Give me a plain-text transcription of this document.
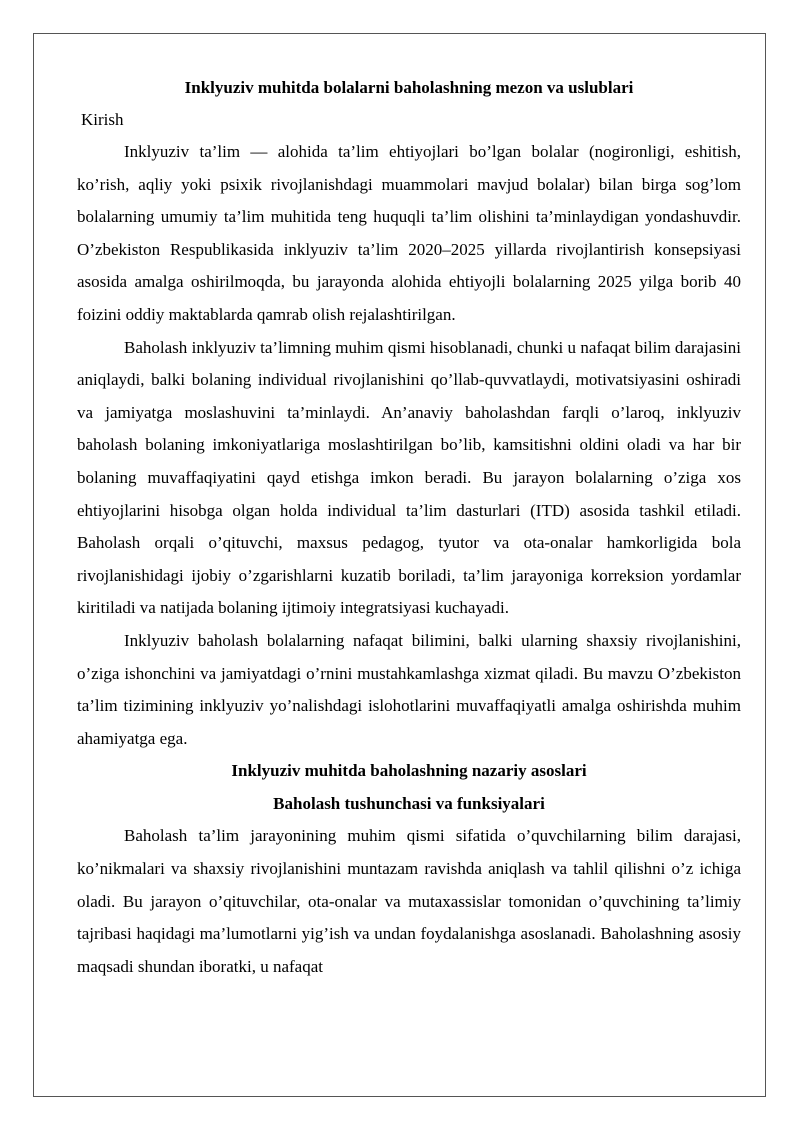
Inklyuziv muhitda bolalarni baholashning mezon va uslublari

Kirish

Inklyuziv ta’lim — alohida ta’lim ehtiyojlari bo’lgan bolalar (nogironligi, eshitish, ko’rish, aqliy yoki psixik rivojlanishdagi muammolari mavjud bolalar) bilan birga sog’lom bolalarning umumiy ta’lim muhitida teng huquqli ta’lim olishini ta’minlaydigan yondashuvdir. O’zbekiston Respublikasida inklyuziv ta’lim 2020–2025 yillarda rivojlantirish konsepsiyasi asosida amalga oshirilmoqda, bu jarayonda alohida ehtiyojli bolalarning 2025 yilga borib 40 foizini oddiy maktablarda qamrab olish rejalashtirilgan.

Baholash inklyuziv ta’limning muhim qismi hisoblanadi, chunki u nafaqat bilim darajasini aniqlaydi, balki bolaning individual rivojlanishini qo’llab-quvvatlaydi, motivatsiyasini oshiradi va jamiyatga moslashuvini ta’minlaydi. An’anaviy baholashdan farqli o’laroq, inklyuziv baholash bolaning imkoniyatlariga moslashtirilgan bo’lib, kamsitishni oldini oladi va har bir bolaning muvaffaqiyatini qayd etishga imkon beradi. Bu jarayon bolalarning o’ziga xos ehtiyojlarini hisobga olgan holda individual ta’lim dasturlari (ITD) asosida tashkil etiladi. Baholash orqali o’qituvchi, maxsus pedagog, tyutor va ota-onalar hamkorligida bola rivojlanishidagi ijobiy o’zgarishlarni kuzatib boriladi, ta’lim jarayoniga korreksion yordamlar kiritiladi va natijada bolaning ijtimoiy integratsiyasi kuchayadi.

Inklyuziv baholash bolalarning nafaqat bilimini, balki ularning shaxsiy rivojlanishini, o’ziga ishonchini va jamiyatdagi o’rnini mustahkamlashga xizmat qiladi. Bu mavzu O’zbekiston ta’lim tizimining inklyuziv yo’nalishdagi islohotlarini muvaffaqiyatli amalga oshirishda muhim ahamiyatga ega.

Inklyuziv muhitda baholashning nazariy asoslari

Baholash tushunchasi va funksiyalari

Baholash ta’lim jarayonining muhim qismi sifatida o’quvchilarning bilim darajasi, ko’nikmalari va shaxsiy rivojlanishini muntazam ravishda aniqlash va tahlil qilishni o’z ichiga oladi. Bu jarayon o’qituvchilar, ota-onalar va mutaxassislar tomonidan o’quvchining ta’limiy tajribasi haqidagi ma’lumotlarni yig’ish va undan foydalanishga asoslanadi. Baholashning asosiy maqsadi shundan iboratki, u nafaqat
